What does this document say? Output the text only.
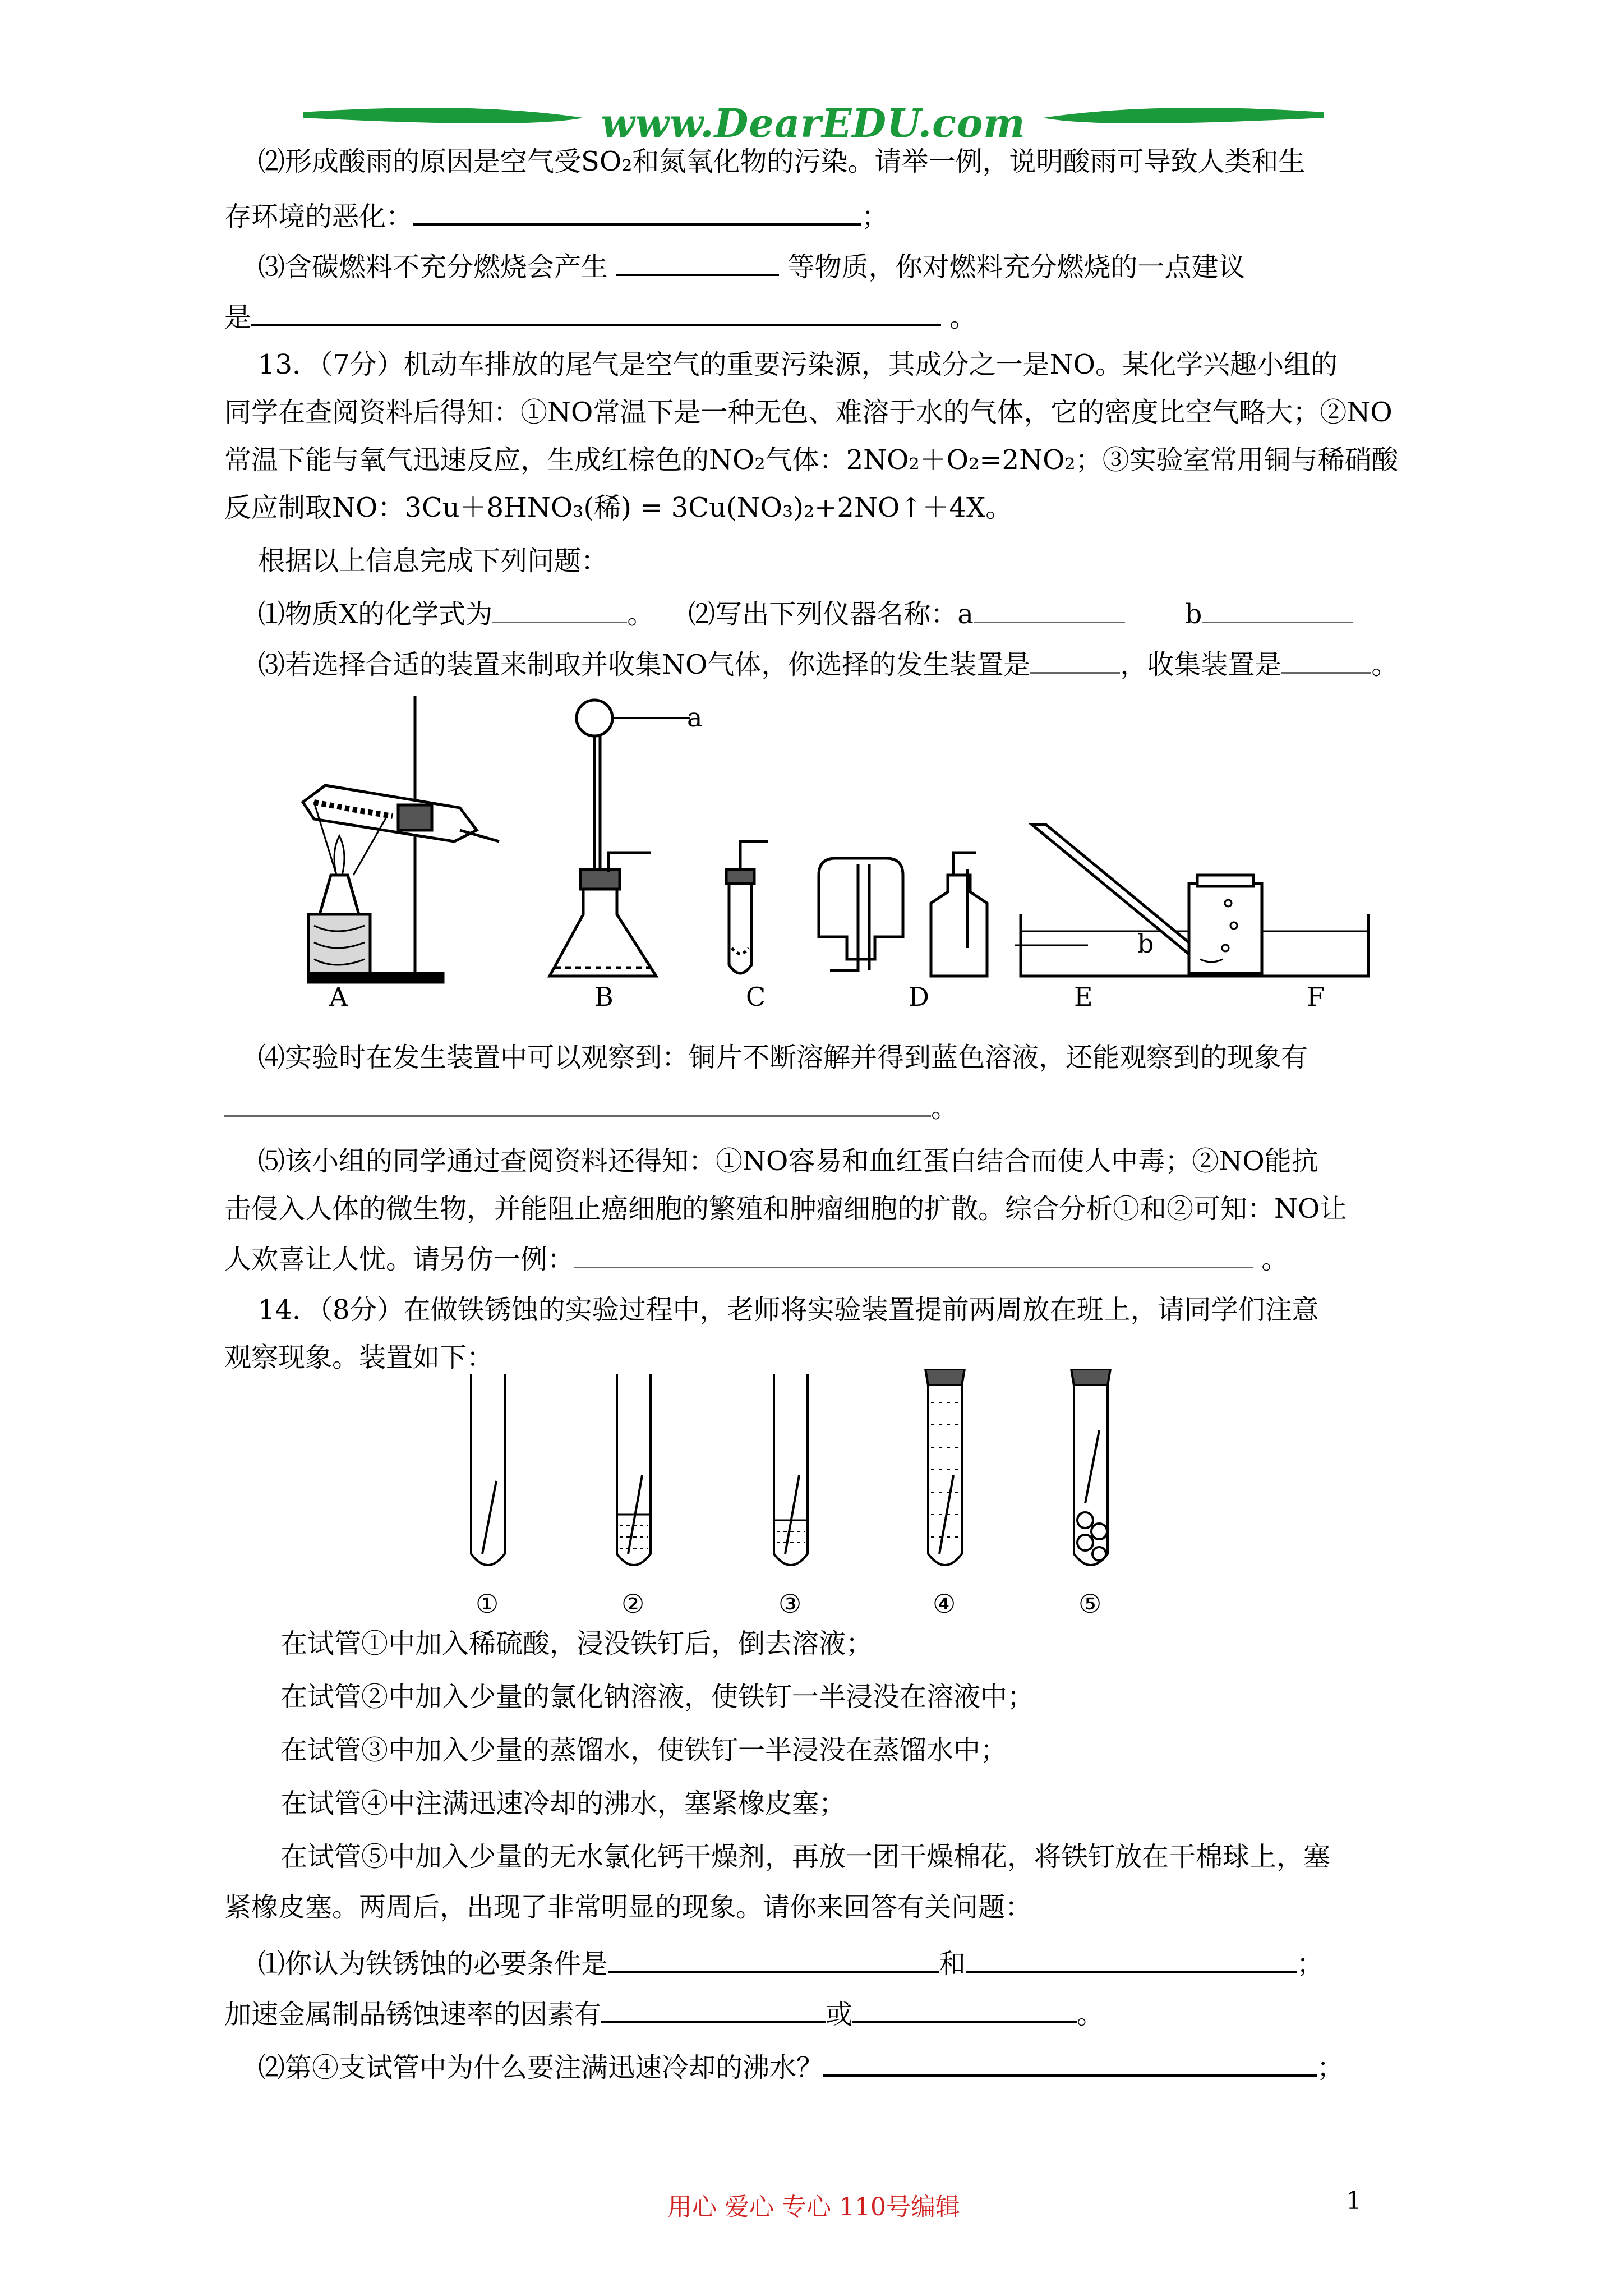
www.DearEDU.com
⑵形成酸雨的原因是空气受SO₂和氮氧化物的污染。请举一例，说明酸雨可导致人类和生
存环境的恶化：	；
⑶含碳燃料不充分燃烧会产生	等物质，你对燃料充分燃烧的一点建议
是	。
13．（7分）机动车排放的尾气是空气的重要污染源，其成分之一是NO。某化学兴趣小组的
同学在查阅资料后得知：①NO常温下是一种无色、难溶于水的气体，它的密度比空气略大；②NO
常温下能与氧气迅速反应，生成红棕色的NO₂气体：2NO₂＋O₂=2NO₂；③实验室常用铜与稀硝酸
反应制取NO：3Cu＋8HNO₃(稀) = 3Cu(NO₃)₂+2NO↑＋4X。
根据以上信息完成下列问题：
⑴物质X的化学式为	。 ⑵写出下列仪器名称：a	b
⑶若选择合适的装置来制取并收集NO气体，你选择的发生装置是	，收集装置是	。
a
b
A	B	C	D	E	F
⑷实验时在发生装置中可以观察到：铜片不断溶解并得到蓝色溶液，还能观察到的现象有
。
⑸该小组的同学通过查阅资料还得知：①NO容易和血红蛋白结合而使人中毒；②NO能抗
击侵入人体的微生物，并能阻止癌细胞的繁殖和肿瘤细胞的扩散。综合分析①和②可知：NO让
人欢喜让人忧。请另仿一例：	。
14．（8分）在做铁锈蚀的实验过程中，老师将实验装置提前两周放在班上，请同学们注意
观察现象。装置如下：
①	②	③	④	⑤
在试管①中加入稀硫酸，浸没铁钉后，倒去溶液；
在试管②中加入少量的氯化钠溶液，使铁钉一半浸没在溶液中；
在试管③中加入少量的蒸馏水，使铁钉一半浸没在蒸馏水中；
在试管④中注满迅速冷却的沸水，塞紧橡皮塞；
在试管⑤中加入少量的无水氯化钙干燥剂，再放一团干燥棉花，将铁钉放在干棉球上，塞
紧橡皮塞。两周后，出现了非常明显的现象。请你来回答有关问题：
⑴你认为铁锈蚀的必要条件是	和	；
加速金属制品锈蚀速率的因素有	或	。
⑵第④支试管中为什么要注满迅速冷却的沸水？	；
用心 爱心 专心 110号编辑	1
